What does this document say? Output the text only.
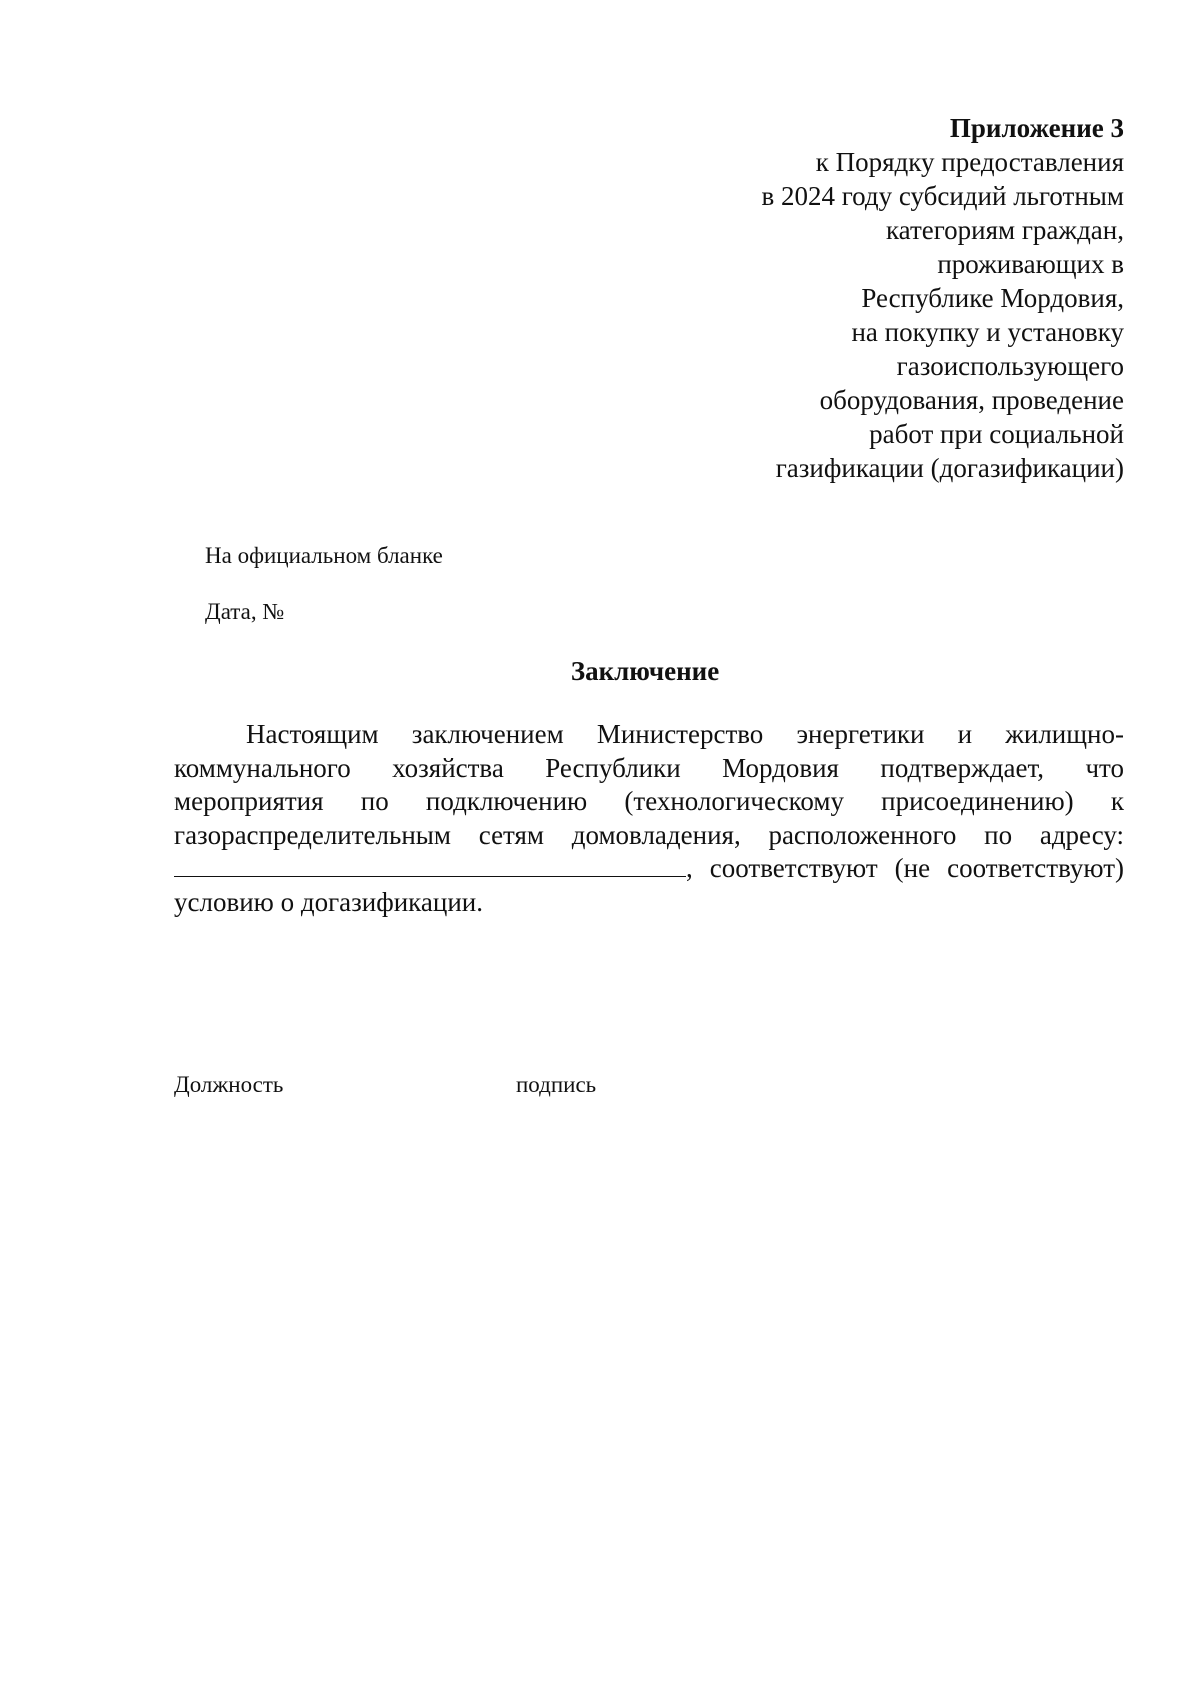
Приложение 3

к Порядку предоставления

в 2024 году субсидий льготным

категориям граждан,

проживающих в

Республике Мордовия,

на покупку и установку

газоиспользующего

оборудования, проведение

работ при социальной

газификации (догазификации)

На официальном бланке
Дата, №
Заключение
Настоящим заключением Министерство энергетики и жилищно-
коммунального хозяйства Республики Мордовия подтверждает, что
мероприятия по подключению (технологическому присоединению) к
газораспределительным сетям домовладения, расположенного по адресу:
, соответствуют (не соответствуют)
условию о догазификации.
Должность	подпись
